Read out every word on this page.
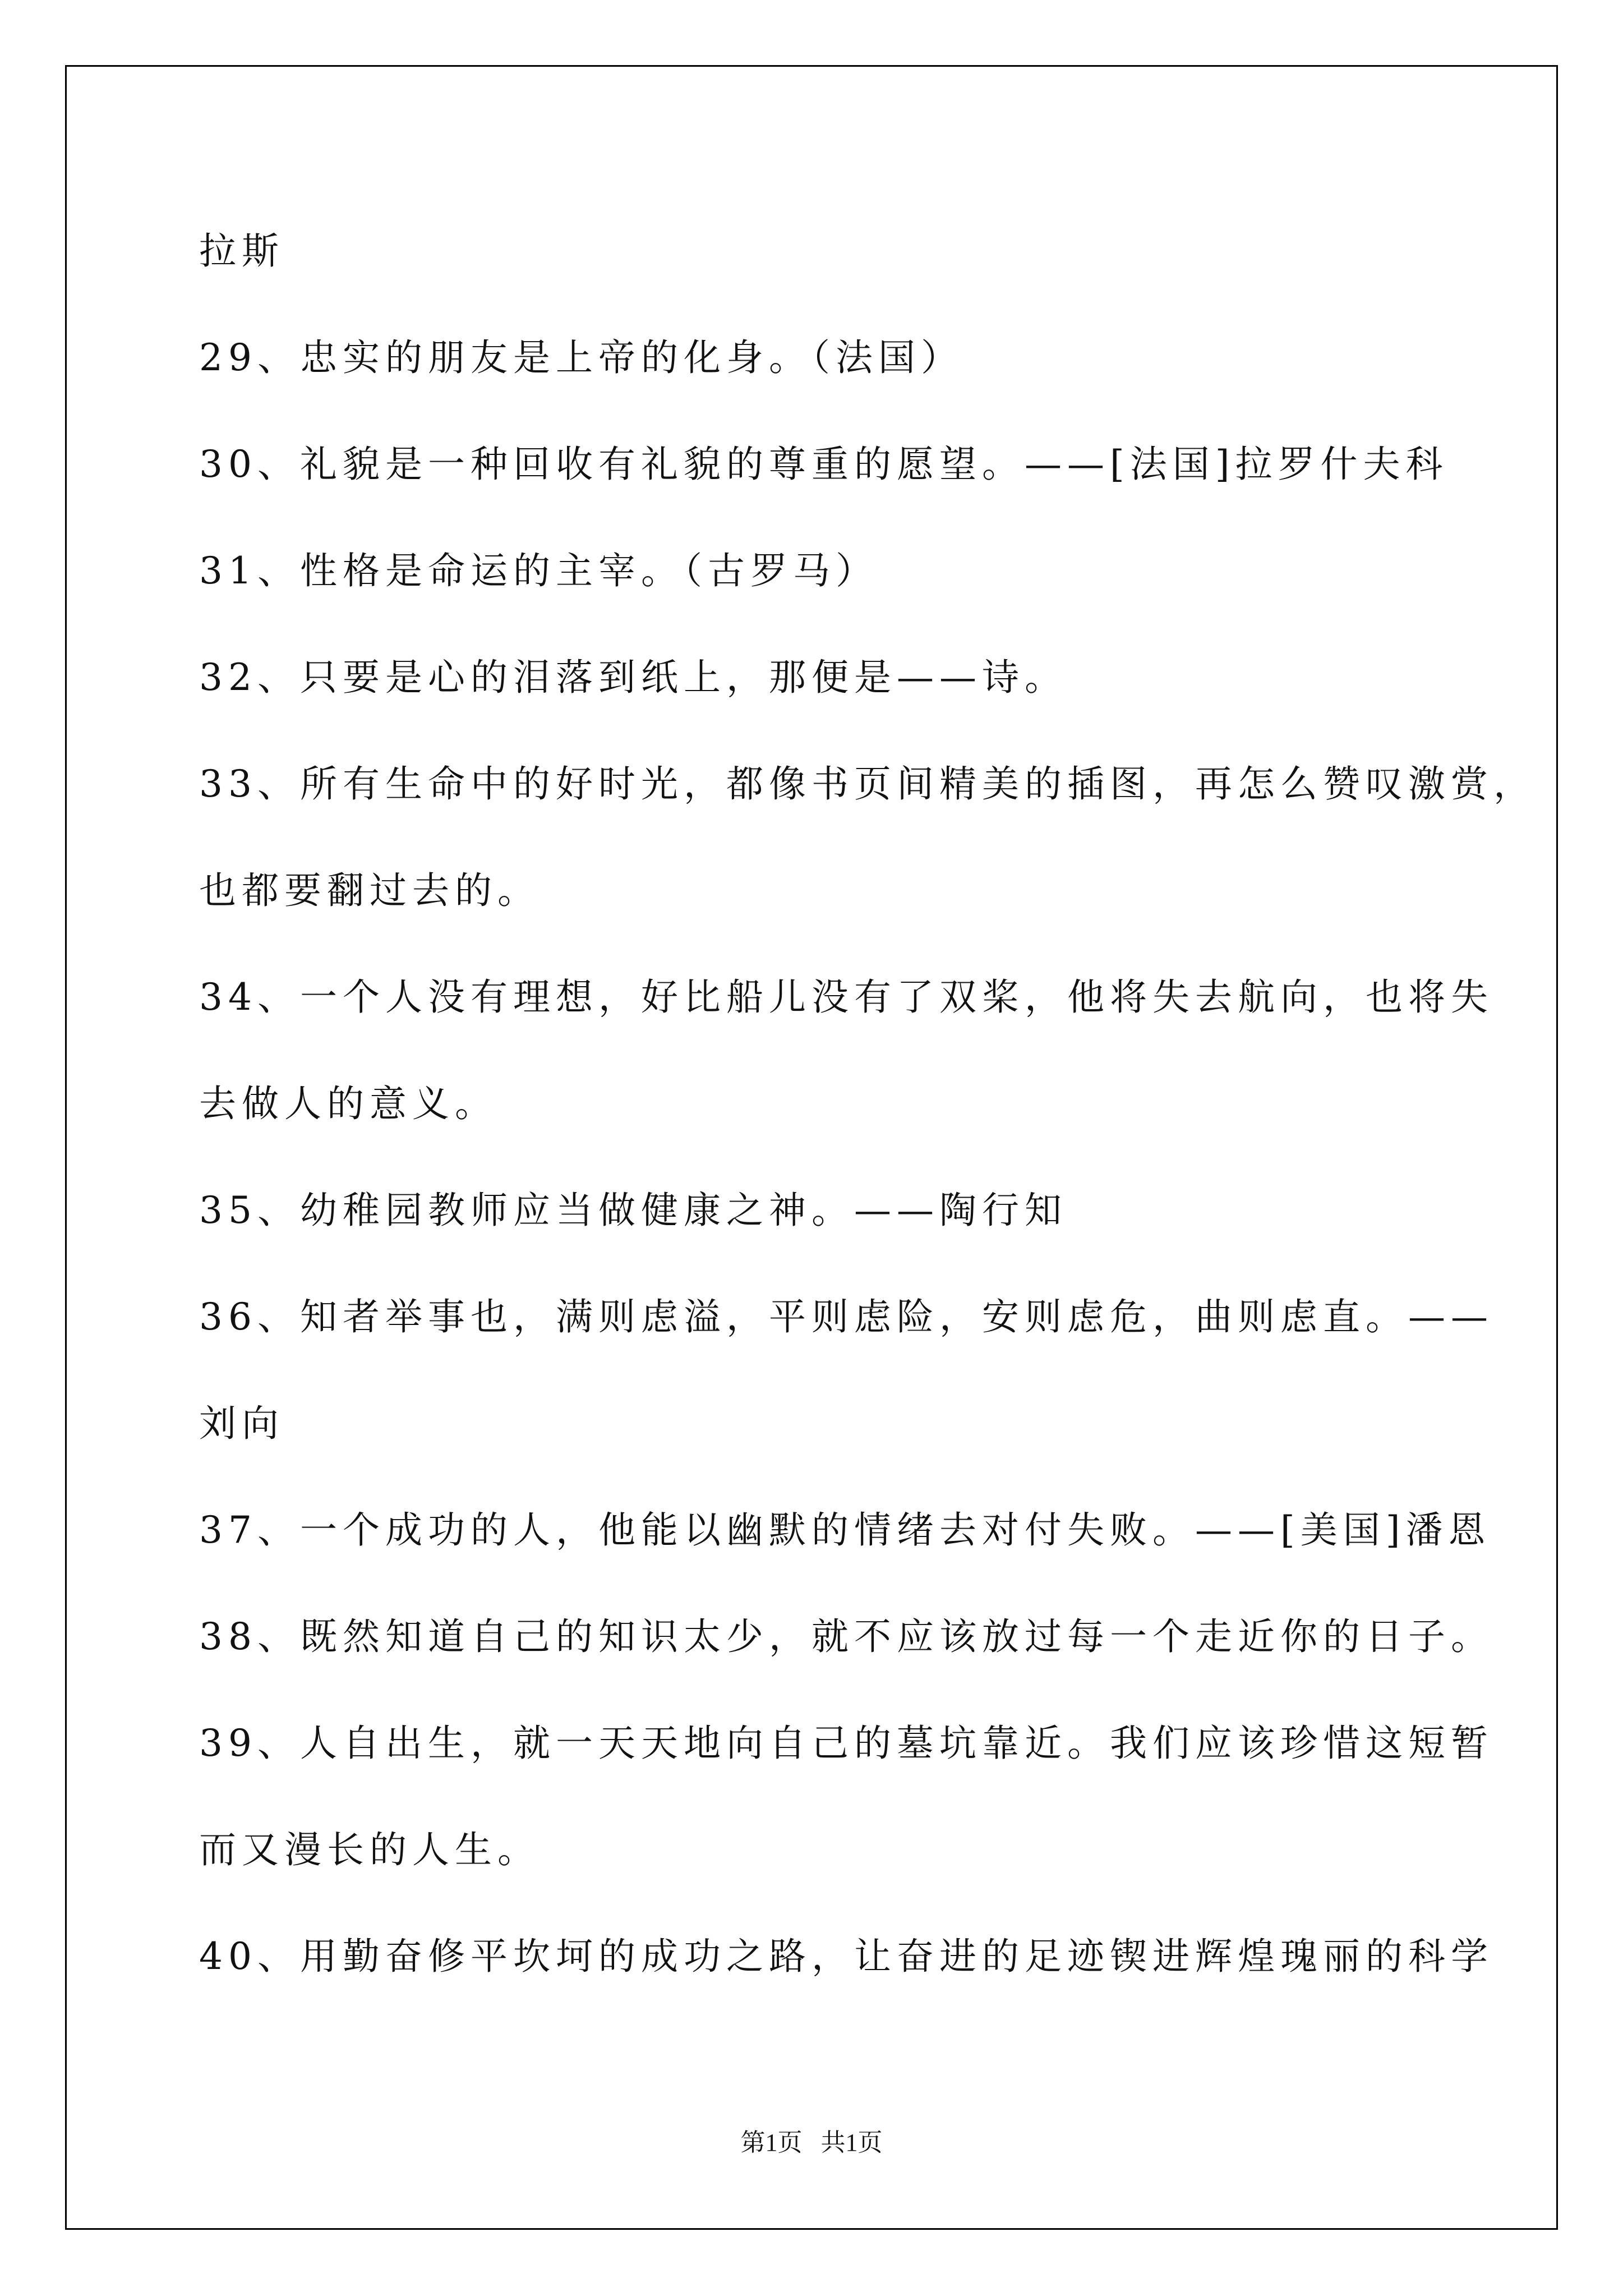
拉斯

29、忠实的朋友是上帝的化身。（法国）

30、礼貌是一种回收有礼貌的尊重的愿望。——[法国]拉罗什夫科

31、性格是命运的主宰。（古罗马）

32、只要是心的泪落到纸上，那便是——诗。

33、所有生命中的好时光，都像书页间精美的插图，再怎么赞叹激赏，

也都要翻过去的。

34、一个人没有理想，好比船儿没有了双桨，他将失去航向，也将失

去做人的意义。

35、幼稚园教师应当做健康之神。——陶行知

36、知者举事也，满则虑溢，平则虑险，安则虑危，曲则虑直。——

刘向

37、一个成功的人，他能以幽默的情绪去对付失败。——[美国]潘恩

38、既然知道自己的知识太少，就不应该放过每一个走近你的日子。

39、人自出生，就一天天地向自己的墓坑靠近。我们应该珍惜这短暂

而又漫长的人生。

40、用勤奋修平坎坷的成功之路，让奋进的足迹锲进辉煌瑰丽的科学

第1页   共1页
